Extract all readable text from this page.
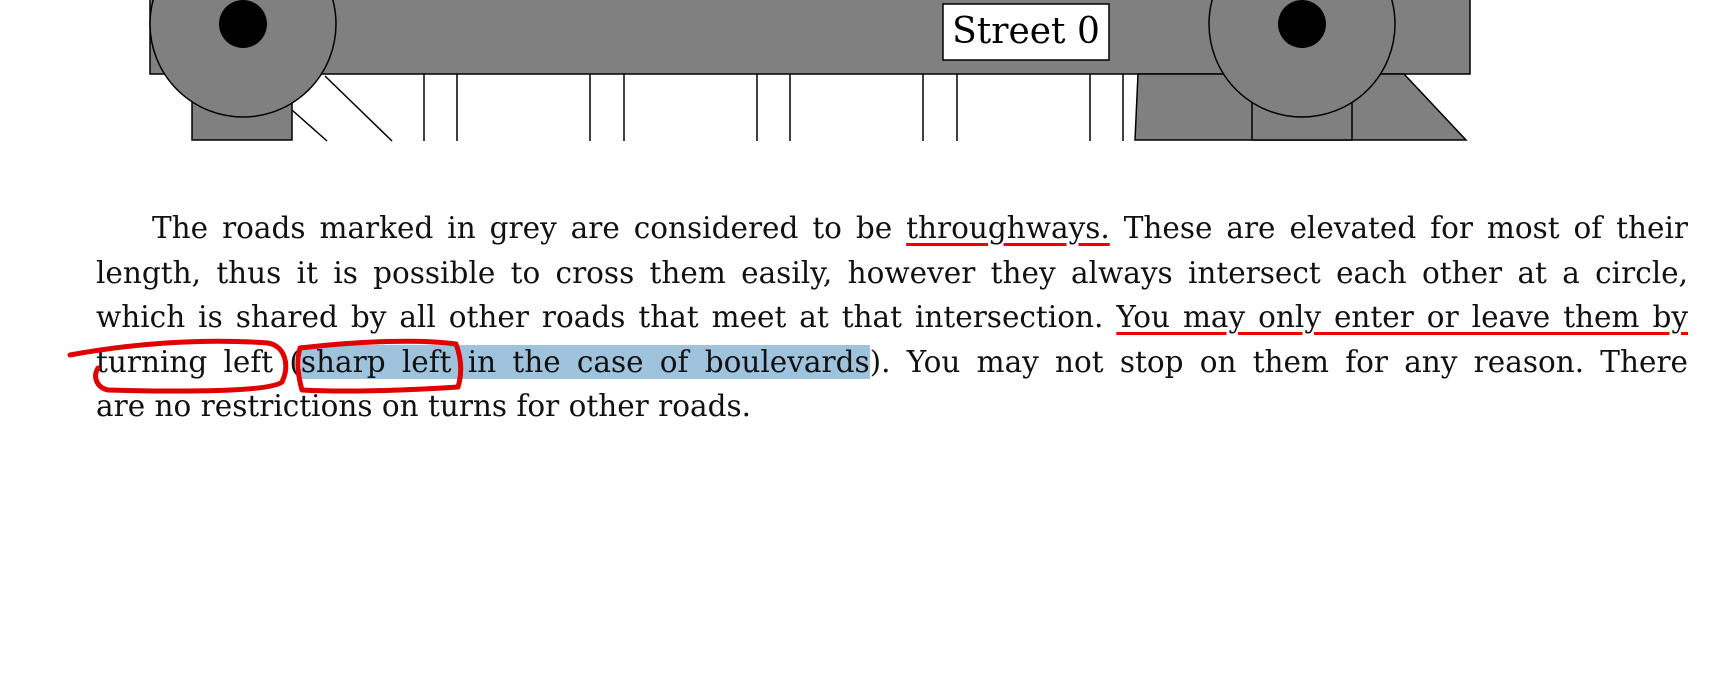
Street 0
The roads marked in grey are considered to be throughways. These are elevated for most of their
length, thus it is possible to cross them easily, however they always intersect each other at a circle,
which is shared by all other roads that meet at that intersection. You may only enter or leave them by
turning left (sharp left in the case of boulevards). You may not stop on them for any reason. There
are no restrictions on turns for other roads.
